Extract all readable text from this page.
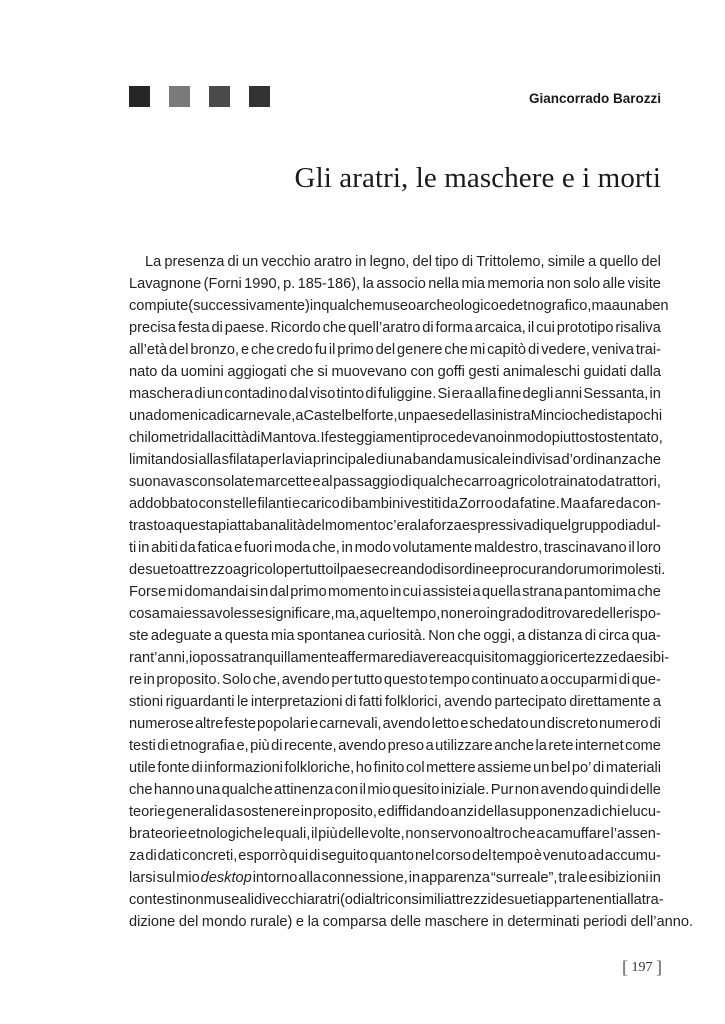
Giancorrado Barozzi
Gli aratri, le maschere e i morti
La presenza di un vecchio aratro in legno, del tipo di Trittolemo, simile a quello del
Lavagnone (Forni 1990, p. 185-186), la associo nella mia memoria non solo alle visite
compiute (successivamente) in qualche museo archeologico ed etnografico, ma a una ben
precisa festa di paese. Ricordo che quell’aratro di forma arcaica, il cui prototipo risaliva
all’età del bronzo, e che credo fu il primo del genere che mi capitò di vedere, veniva trai-
nato da uomini aggiogati che si muovevano con goffi gesti animaleschi guidati dalla
maschera di un contadino dal viso tinto di fuliggine. Si era alla fine degli anni Sessanta, in
una domenica di carnevale, a Castelbelforte, un paese della sinistra Mincio che dista pochi
chilometri dalla città di Mantova. I festeggiamenti procedevano in modo piuttosto stentato,
limitandosi alla sfilata per la via principale di una banda musicale in divisa d’ordinanza che
suonava sconsolate marcette e al passaggio di qualche carro agricolo trainato da trattori,
addobbato con stelle filanti e carico di bambini vestiti da Zorro o da fatine. Ma a fare da con-
trasto a questa piatta banalità del momento c’era la forza espressiva di quel gruppo di adul-
ti in abiti da fatica e fuori moda che, in modo volutamente maldestro, trascinavano il loro
desueto attrezzo agricolo per tutto il paese creando disordine e procurando rumori molesti.
Forse mi domandai sin dal primo momento in cui assistei a quella strana pantomima che
cosa mai essa volesse significare, ma, a quel tempo, non ero in grado di trovare delle rispo-
ste adeguate a questa mia spontanea curiosità. Non che oggi, a distanza di circa qua-
rant’anni, io possa tranquillamente affermare di avere acquisito maggiori certezze da esibi-
re in proposito. Solo che, avendo per tutto questo tempo continuato a occuparmi di que-
stioni riguardanti le interpretazioni di fatti folklorici, avendo partecipato direttamente a
numerose altre feste popolari e carnevali, avendo letto e schedato un discreto numero di
testi di etnografia e, più di recente, avendo preso a utilizzare anche la rete internet come
utile fonte di informazioni folkloriche, ho finito col mettere assieme un bel po’ di materiali
che hanno una qualche attinenza con il mio quesito iniziale. Pur non avendo quindi delle
teorie generali da sostenere in proposito, e diffidando anzi della supponenza di chi elucu-
bra teorie etnologiche le quali, il più delle volte, non servono altro che a camuffare l’assen-
za di dati concreti, esporrò qui di seguito quanto nel corso del tempo è venuto ad accumu-
larsi sul mio desktop intorno alla connessione, in apparenza “surreale”, tra le esibizioni in
contesti non museali di vecchi aratri (o di altri consimili attrezzi desueti appartenenti alla tra-
dizione del mondo rurale) e la comparsa delle maschere in determinati periodi dell’anno.
[ 197 ]
